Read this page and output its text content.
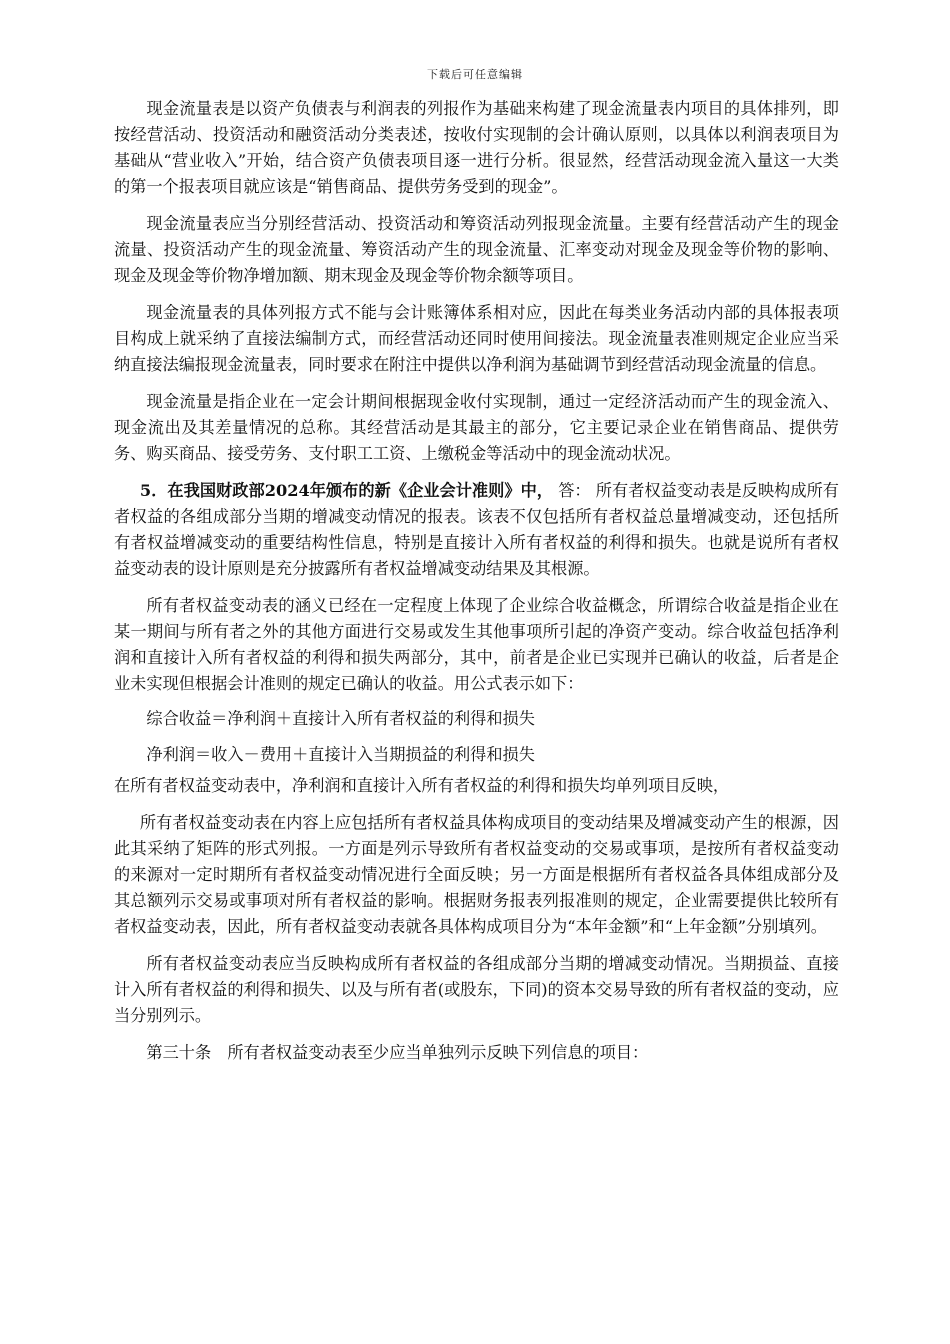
下载后可任意编辑

现金流量表是以资产负债表与利润表的列报作为基础来构建了现金流量表内项目的具体排列，即按经营活动、投资活动和融资活动分类表述，按收付实现制的会计确认原则，以具体以利润表项目为基础从“营业收入”开始，结合资产负债表项目逐一进行分析。很显然，经营活动现金流入量这一大类的第一个报表项目就应该是“销售商品、提供劳务受到的现金”。

现金流量表应当分别经营活动、投资活动和筹资活动列报现金流量。主要有经营活动产生的现金流量、投资活动产生的现金流量、筹资活动产生的现金流量、汇率变动对现金及现金等价物的影响、现金及现金等价物净增加额、期末现金及现金等价物余额等项目。

现金流量表的具体列报方式不能与会计账簿体系相对应，因此在每类业务活动内部的具体报表项目构成上就采纳了直接法编制方式，而经营活动还同时使用间接法。现金流量表准则规定企业应当采纳直接法编报现金流量表，同时要求在附注中提供以净利润为基础调节到经营活动现金流量的信息。

现金流量是指企业在一定会计期间根据现金收付实现制，通过一定经济活动而产生的现金流入、现金流出及其差量情况的总称。其经营活动是其最主的部分，它主要记录企业在销售商品、提供劳务、购买商品、接受劳务、支付职工工资、上缴税金等活动中的现金流动状况。

5．在我国财政部2024年颁布的新《企业会计准则》中， 答： 所有者权益变动表是反映构成所有者权益的各组成部分当期的增减变动情况的报表。该表不仅包括所有者权益总量增减变动，还包括所有者权益增减变动的重要结构性信息，特别是直接计入所有者权益的利得和损失。也就是说所有者权益变动表的设计原则是充分披露所有者权益增减变动结果及其根源。

所有者权益变动表的涵义已经在一定程度上体现了企业综合收益概念，所谓综合收益是指企业在某一期间与所有者之外的其他方面进行交易或发生其他事项所引起的净资产变动。综合收益包括净利润和直接计入所有者权益的利得和损失两部分，其中，前者是企业已实现并已确认的收益，后者是企业未实现但根据会计准则的规定已确认的收益。用公式表示如下：

综合收益＝净利润＋直接计入所有者权益的利得和损失

净利润＝收入－费用＋直接计入当期损益的利得和损失

在所有者权益变动表中，净利润和直接计入所有者权益的利得和损失均单列项目反映，

所有者权益变动表在内容上应包括所有者权益具体构成项目的变动结果及增减变动产生的根源，因此其采纳了矩阵的形式列报。一方面是列示导致所有者权益变动的交易或事项，是按所有者权益变动的来源对一定时期所有者权益变动情况进行全面反映；另一方面是根据所有者权益各具体组成部分及其总额列示交易或事项对所有者权益的影响。根据财务报表列报准则的规定，企业需要提供比较所有者权益变动表，因此，所有者权益变动表就各具体构成项目分为“本年金额”和“上年金额”分别填列。

所有者权益变动表应当反映构成所有者权益的各组成部分当期的增减变动情况。当期损益、直接计入所有者权益的利得和损失、以及与所有者(或股东，下同)的资本交易导致的所有者权益的变动，应当分别列示。

第三十条　所有者权益变动表至少应当单独列示反映下列信息的项目：
